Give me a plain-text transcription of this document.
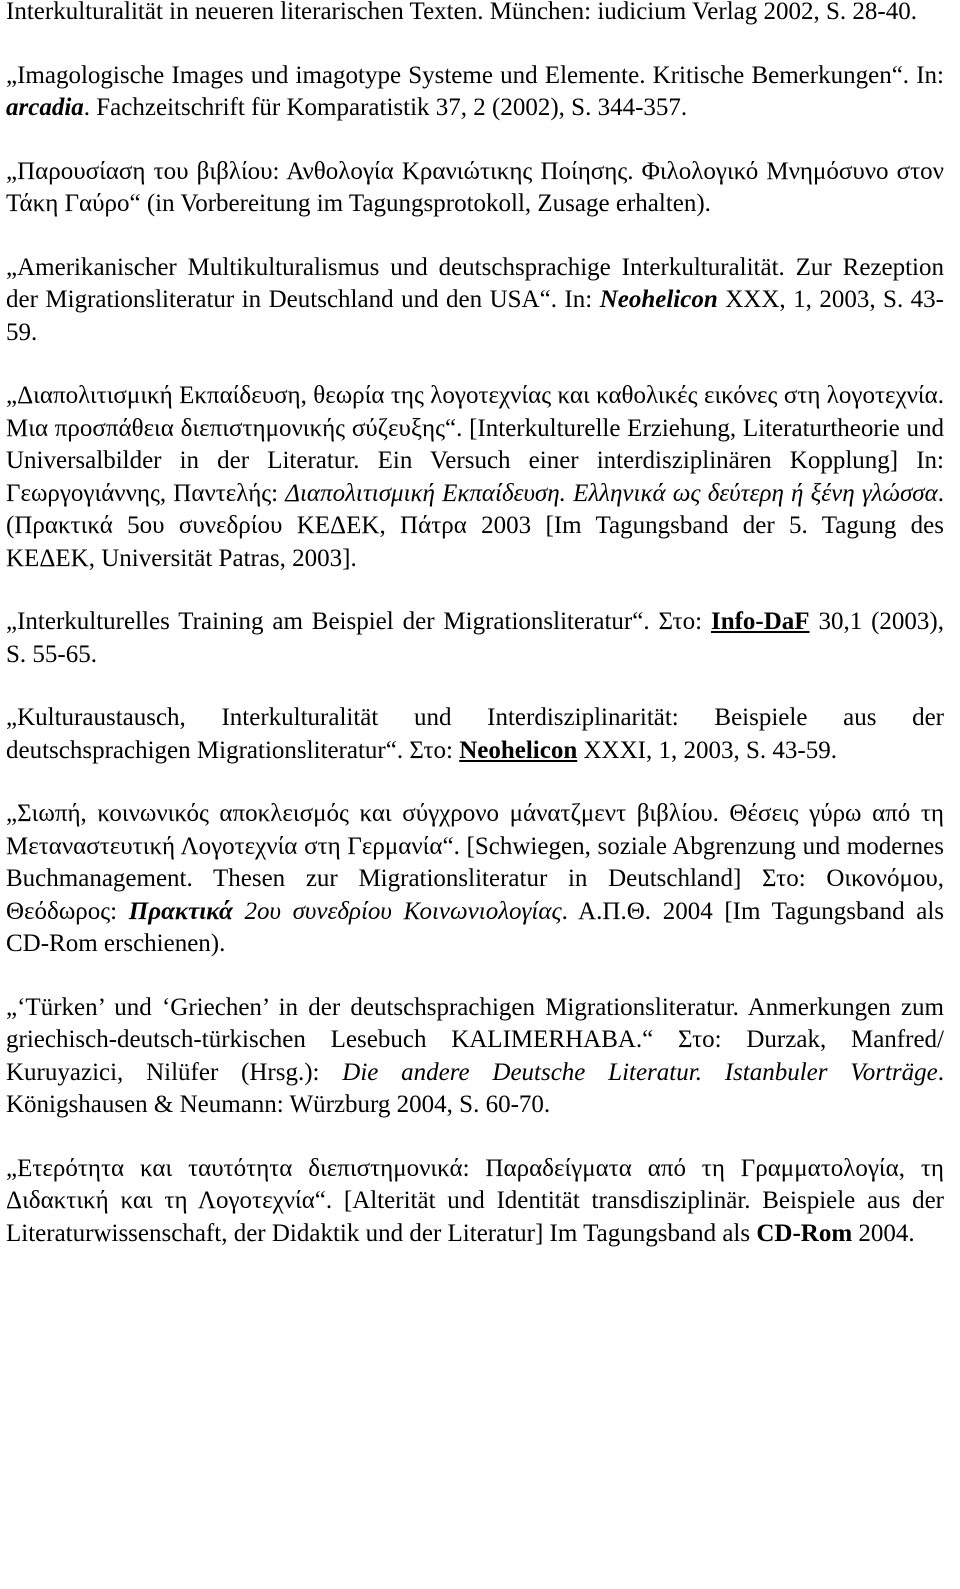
Interkulturalität in neueren literarischen Texten. München: iudicium Verlag 2002, S. 28-40.

„Imagologische Images und imagotype Systeme und Elemente. Kritische Bemerkungen“. In: arcadia. Fachzeitschrift für Komparatistik 37, 2 (2002), S. 344-357.

„Παρουσίαση του βιβλίου: Ανθολογία Κρανιώτικης Ποίησης. Φιλολογικό Μνημόσυνο στον Τάκη Γαύρο“ (in Vorbereitung im Tagungsprotokoll, Zusage erhalten).

„Amerikanischer Multikulturalismus und deutschsprachige Interkulturalität. Zur Rezeption der Migrationsliteratur in Deutschland und den USA“. In: Neohelicon XXX, 1, 2003, S. 43-59.

„Διαπολιτισμική Εκπαίδευση, θεωρία της λογοτεχνίας και καθολικές εικόνες στη λογοτεχνία. Μια προσπάθεια διεπιστημονικής σύζευξης“. [Interkulturelle Erziehung, Literaturtheorie und Universalbilder in der Literatur. Ein Versuch einer interdisziplinären Kopplung] In: Γεωργογιάννης, Παντελής: Διαπολιτισμική Εκπαίδευση. Ελληνικά ως δεύτερη ή ξένη γλώσσα. (Πρακτικά 5ου συνεδρίου ΚΕΔΕΚ, Πάτρα 2003 [Im Tagungsband der 5. Tagung des ΚΕΔΕΚ, Universität Patras, 2003].

„Interkulturelles Training am Beispiel der Migrationsliteratur“. Στο: Info-DaF 30,1 (2003), S. 55-65.

„Kulturaustausch, Interkulturalität und Interdisziplinarität: Beispiele aus der deutschsprachigen Migrationsliteratur“. Στο: Neohelicon XXXI, 1, 2003, S. 43-59.

„Σιωπή, κοινωνικός αποκλεισμός και σύγχρονο μάνατζμεντ βιβλίου. Θέσεις γύρω από τη Μεταναστευτική Λογοτεχνία στη Γερμανία“. [Schwiegen, soziale Abgrenzung und modernes Buchmanagement. Thesen zur Migrationsliteratur in Deutschland] Στο: Οικονόμου, Θεόδωρος: Πρακτικά 2ου συνεδρίου Κοινωνιολογίας. Α.Π.Θ. 2004 [Im Tagungsband als CD-Rom erschienen).

„‘Türken’ und ‘Griechen’ in der deutschsprachigen Migrationsliteratur. Anmerkungen zum griechisch-deutsch-türkischen Lesebuch KALIMERHABA.“ Στο: Durzak, Manfred/ Kuruyazici, Nilüfer (Hrsg.): Die andere Deutsche Literatur. Istanbuler Vorträge. Königshausen & Neumann: Würzburg 2004, S. 60-70.

„Ετερότητα και ταυτότητα διεπιστημονικά: Παραδείγματα από τη Γραμματολογία, τη Διδακτική και τη Λογοτεχνία“. [Alterität und Identität transdisziplinär. Beispiele aus der Literaturwissenschaft, der Didaktik und der Literatur] Im Tagungsband als CD-Rom 2004.
